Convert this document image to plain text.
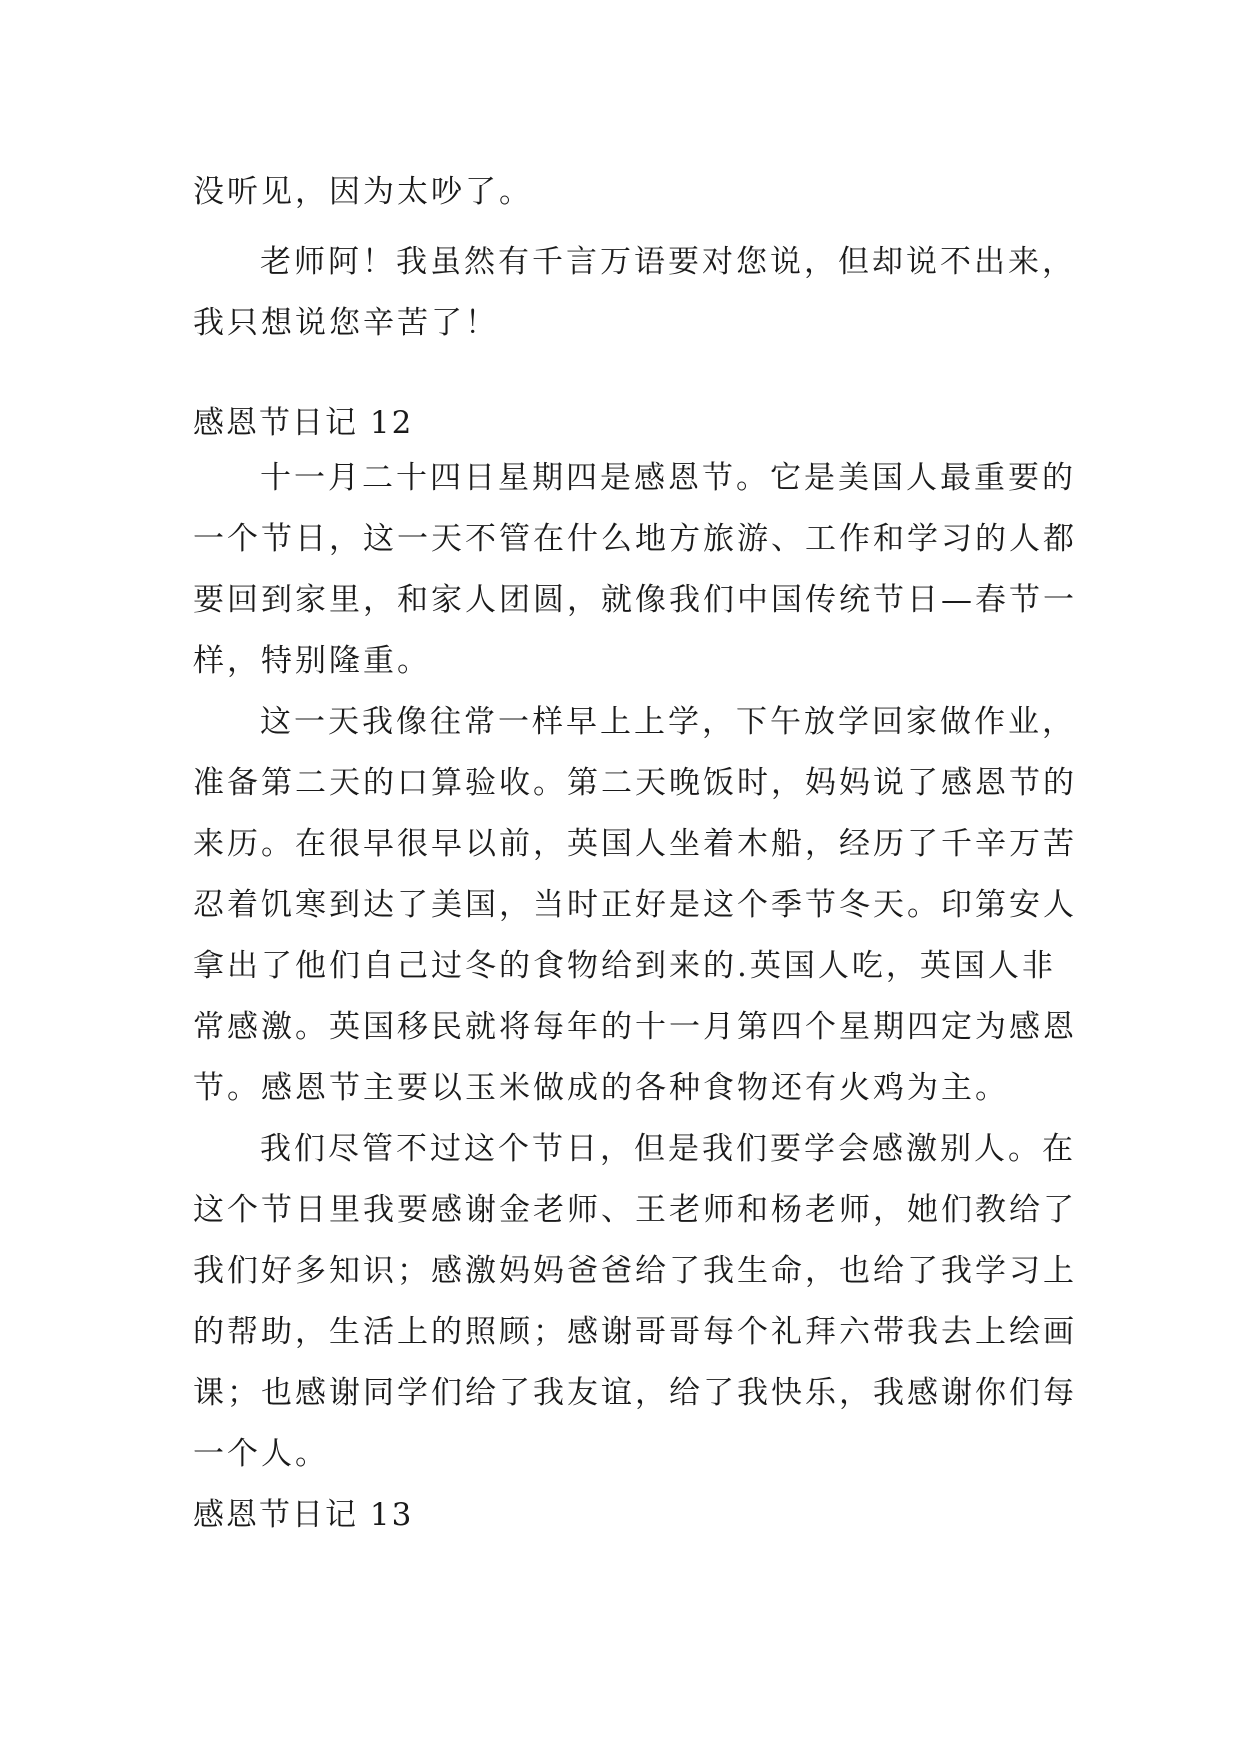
没听见，因为太吵了。
老师阿！我虽然有千言万语要对您说，但却说不出来，
我只想说您辛苦了！
感恩节日记 12
十一月二十四日星期四是感恩节。它是美国人最重要的
一个节日，这一天不管在什么地方旅游、工作和学习的人都
要回到家里，和家人团圆，就像我们中国传统节日—春节一
样，特别隆重。
这一天我像往常一样早上上学，下午放学回家做作业，
准备第二天的口算验收。第二天晚饭时，妈妈说了感恩节的
来历。在很早很早以前，英国人坐着木船，经历了千辛万苦
忍着饥寒到达了美国，当时正好是这个季节冬天。印第安人
拿出了他们自己过冬的食物给到来的.英国人吃，英国人非
常感激。英国移民就将每年的十一月第四个星期四定为感恩
节。感恩节主要以玉米做成的各种食物还有火鸡为主。
我们尽管不过这个节日，但是我们要学会感激别人。在
这个节日里我要感谢金老师、王老师和杨老师，她们教给了
我们好多知识；感激妈妈爸爸给了我生命，也给了我学习上
的帮助，生活上的照顾；感谢哥哥每个礼拜六带我去上绘画
课；也感谢同学们给了我友谊，给了我快乐，我感谢你们每
一个人。
感恩节日记 13
